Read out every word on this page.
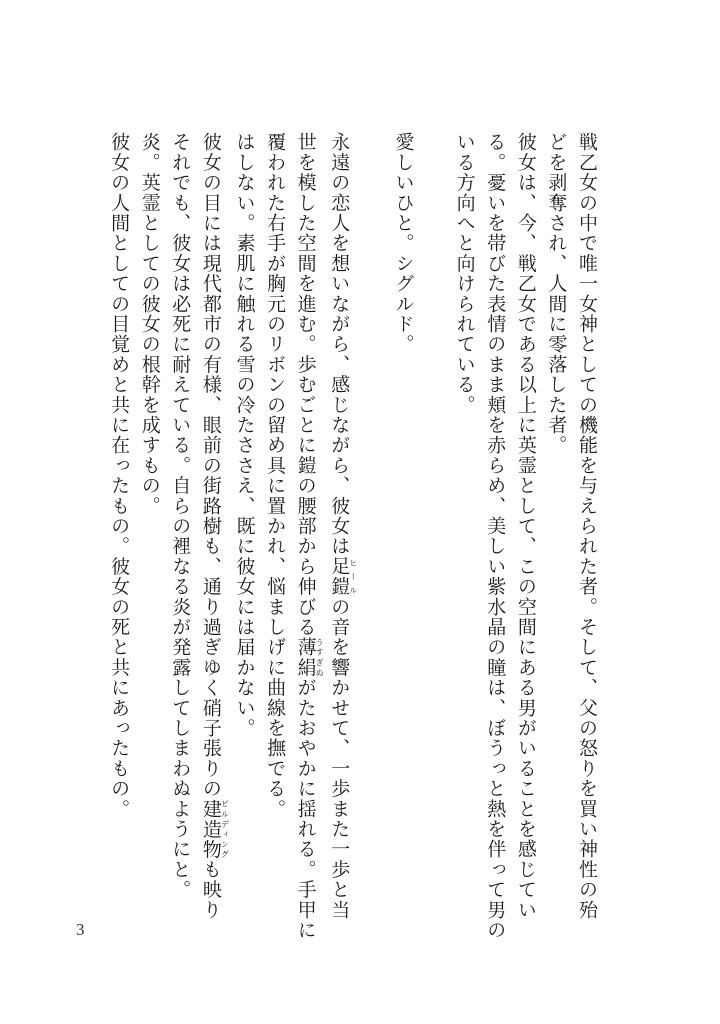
戦乙女の中で唯一女神としての機能を与えられた者。そして、父の怒りを買い神性の殆
どを剥奪され、人間に零落した者。
彼女は、今、戦乙女である以上に英霊として、この空間にある男がいることを感じてい
る。憂いを帯びた表情のまま頬を赤らめ、美しい紫水晶の瞳は、ぼうっと熱を伴って男の
いる方向へと向けられている。
愛しいひと。シグルド。
永遠の恋人を想いながら、感じながら、彼女は足鎧ヒールの音を響かせて、一歩また一歩と当
世を模した空間を進む。歩むごとに鎧の腰部から伸びる薄絹うすぎぬがたおやかに揺れる。手甲に
覆われた右手が胸元のリボンの留め具に置かれ、悩ましげに曲線を撫でる。
はしない。素肌に触れる雪の冷たささえ、既に彼女には届かない。
彼女の目には現代都市の有様、眼前の街路樹も、通り過ぎゆく硝子張りの建造物ビルディングも映り
それでも、彼女は必死に耐えている。自らの裡なる炎が発露してしまわぬようにと。
炎。英霊としての彼女の根幹を成すもの。
彼女の人間としての目覚めと共に在ったもの。彼女の死と共にあったもの。
3
